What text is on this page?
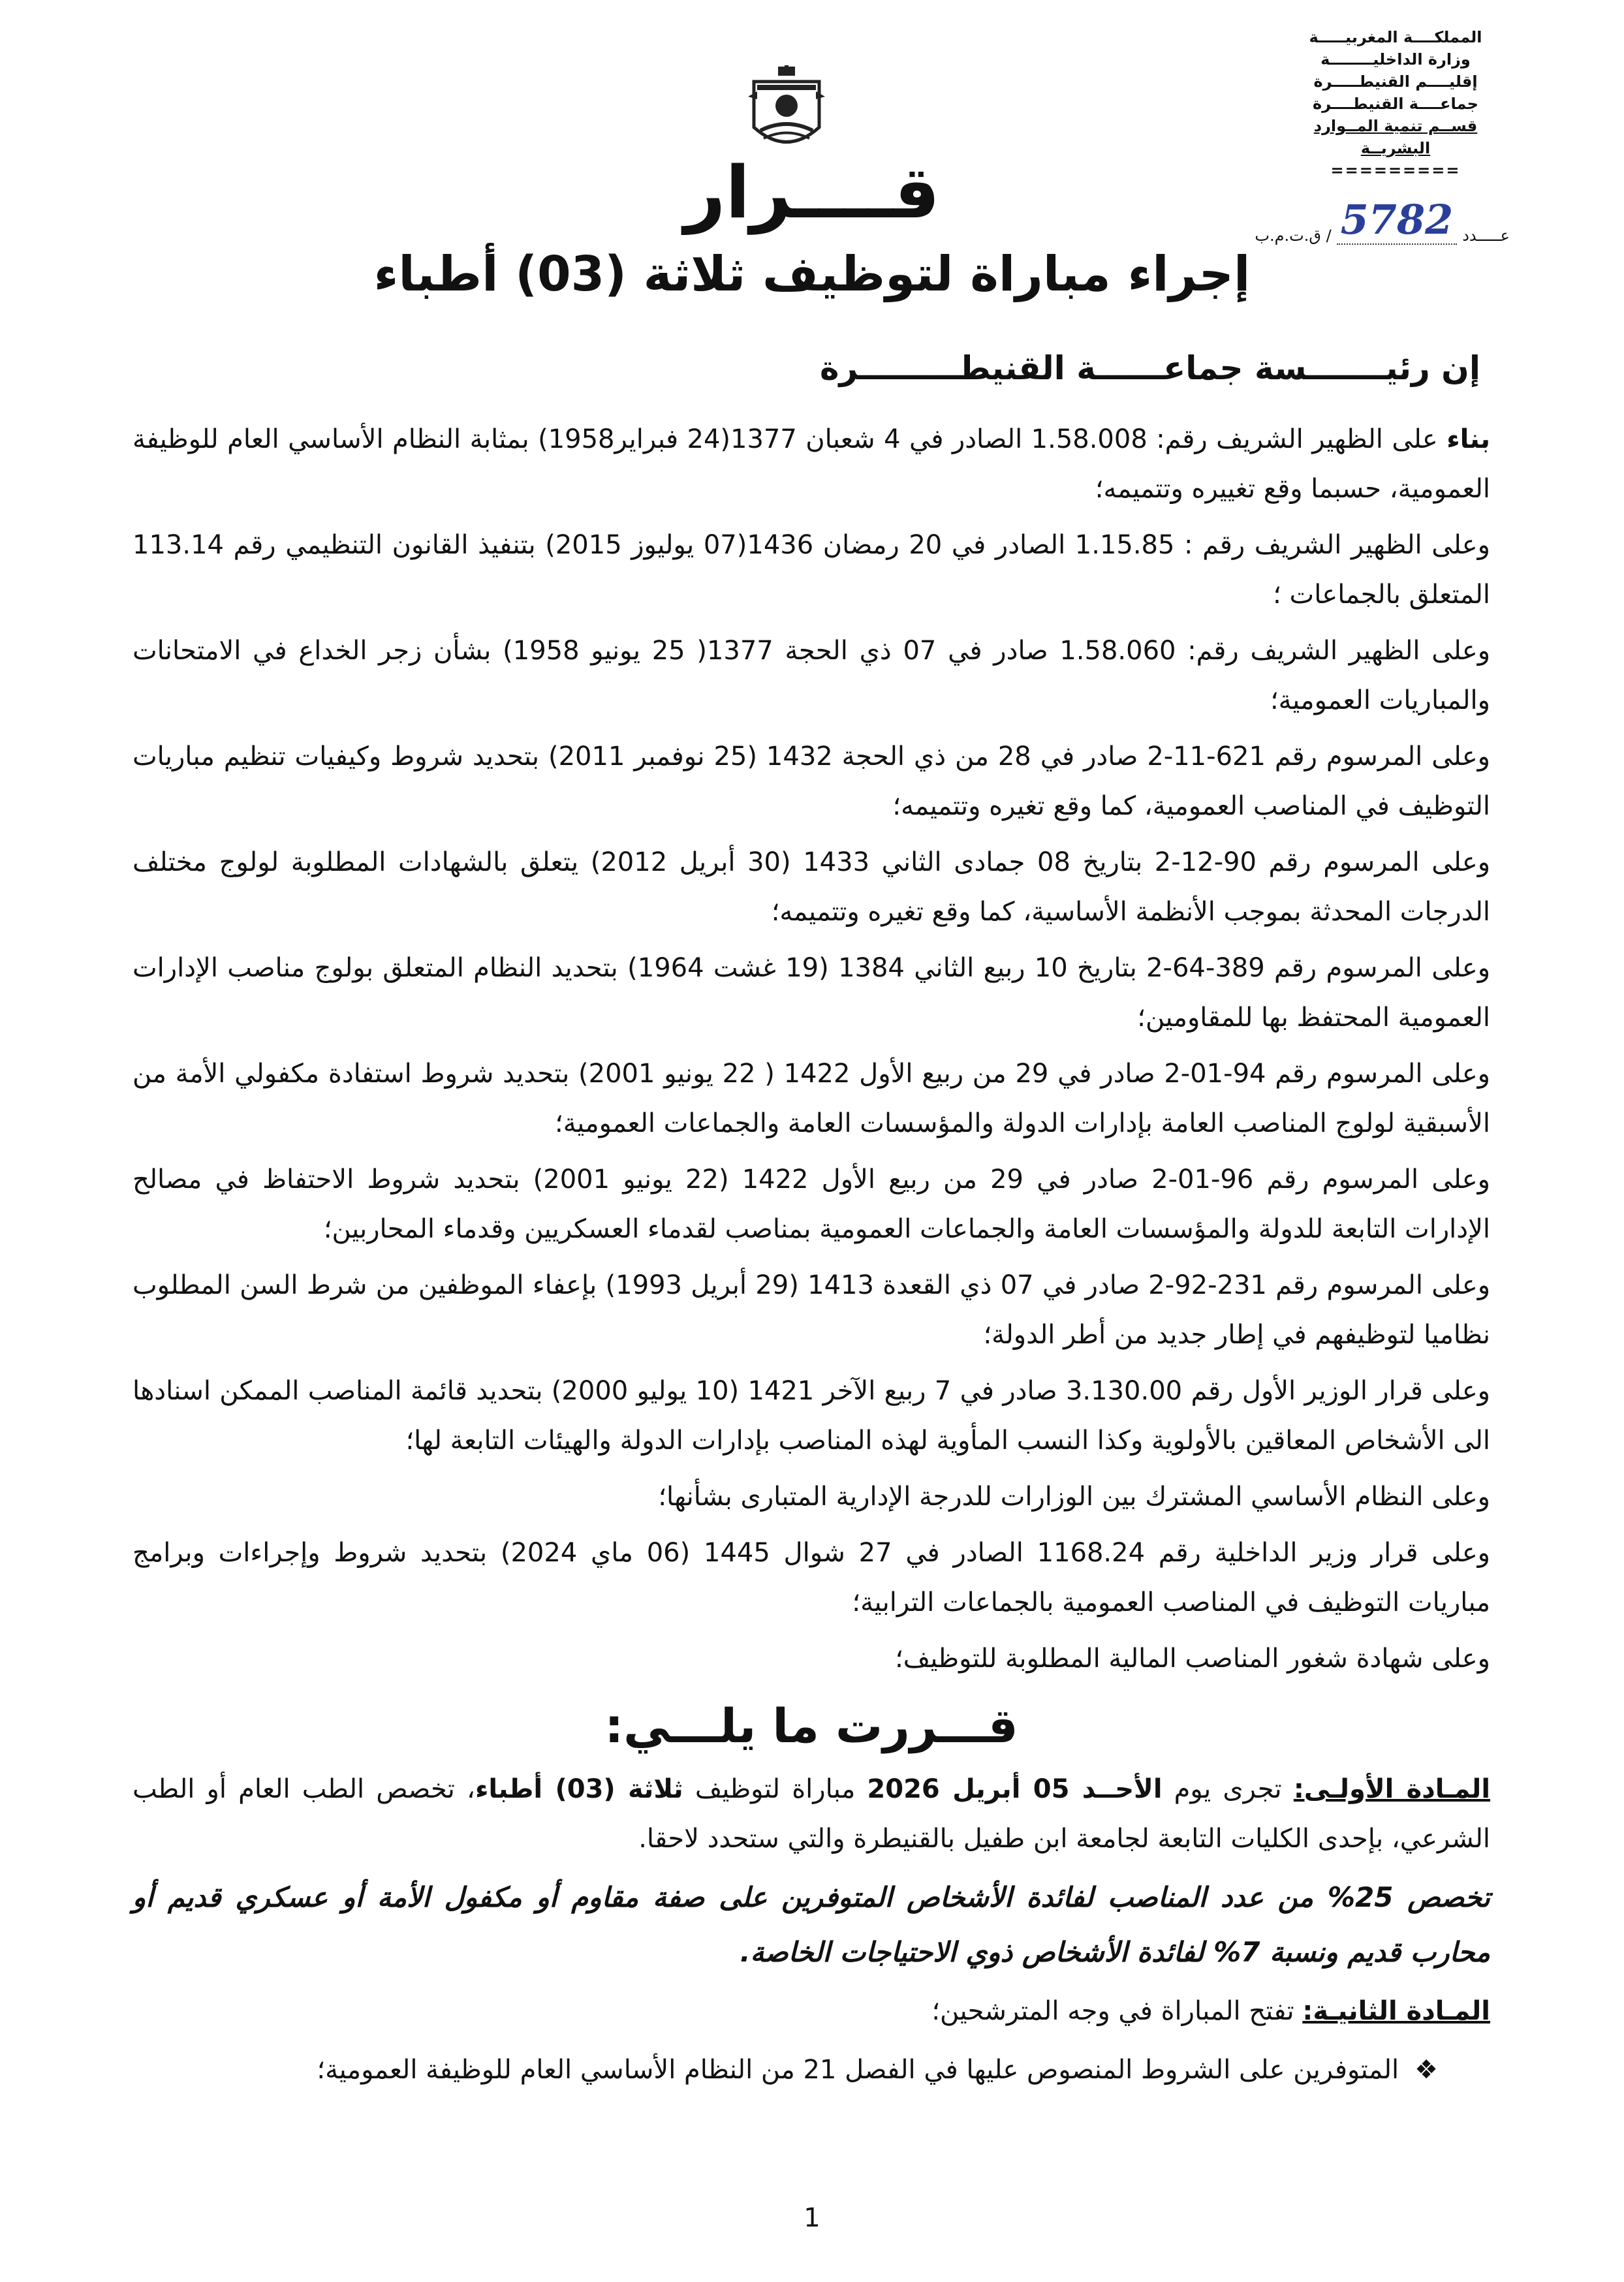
المملكــــة المغربيـــــة
وزارة الداخليــــــــة
إقليــــم القنيطـــــرة
جماعــــة القنيطــــرة
قســم تنمية المــوارد البشريــة
=========
عـــــدد
5782
/ ق.ت.م.ب
قــــرار
إجراء مباراة لتوظيف ثلاثة (03) أطباء
إن رئيـــــــسة جماعــــــة القنيطـــــــــرة

بناء على الظهير الشريف رقم: 1.58.008 الصادر في 4 شعبان 1377(24 فبراير1958) بمثابة النظام الأساسي العام للوظيفة العمومية، حسبما وقع تغييره وتتميمه؛

وعلى الظهير الشريف رقم : 1.15.85 الصادر في 20 رمضان 1436(07 يوليوز 2015) بتنفيذ القانون التنظيمي رقم 113.14 المتعلق بالجماعات ؛

وعلى الظهير الشريف رقم: 1.58.060 صادر في 07 ذي الحجة 1377( 25 يونيو 1958) بشأن زجر الخداع في الامتحانات والمباريات العمومية؛

وعلى المرسوم رقم 621-11-2 صادر في 28 من ذي الحجة 1432 (25 نوفمبر 2011) بتحديد شروط وكيفيات تنظيم مباريات التوظيف في المناصب العمومية، كما وقع تغيره وتتميمه؛

وعلى المرسوم رقم 90-12-2 بتاريخ 08 جمادى الثاني 1433 (30 أبريل 2012) يتعلق بالشهادات المطلوبة لولوج مختلف الدرجات المحدثة بموجب الأنظمة الأساسية، كما وقع تغيره وتتميمه؛

وعلى المرسوم رقم 389-64-2 بتاريخ 10 ربيع الثاني 1384 (19 غشت 1964) بتحديد النظام المتعلق بولوج مناصب الإدارات العمومية المحتفظ بها للمقاومين؛

وعلى المرسوم رقم 94-01-2 صادر في 29 من ربيع الأول 1422 ( 22 يونيو 2001) بتحديد شروط استفادة مكفولي الأمة من الأسبقية لولوج المناصب العامة بإدارات الدولة والمؤسسات العامة والجماعات العمومية؛

وعلى المرسوم رقم 96-01-2 صادر في 29 من ربيع الأول 1422 (22 يونيو 2001) بتحديد شروط الاحتفاظ في مصالح الإدارات التابعة للدولة والمؤسسات العامة والجماعات العمومية بمناصب لقدماء العسكريين وقدماء المحاربين؛

وعلى المرسوم رقم 231-92-2 صادر في 07 ذي القعدة 1413 (29 أبريل 1993) بإعفاء الموظفين من شرط السن المطلوب نظاميا لتوظيفهم في إطار جديد من أطر الدولة؛

وعلى قرار الوزير الأول رقم 3.130.00 صادر في 7 ربيع الآخر 1421 (10 يوليو 2000) بتحديد قائمة المناصب الممكن اسنادها الى الأشخاص المعاقين بالأولوية وكذا النسب المأوية لهذه المناصب بإدارات الدولة والهيئات التابعة لها؛

وعلى النظام الأساسي المشترك بين الوزارات للدرجة الإدارية المتبارى بشأنها؛

وعلى قرار وزير الداخلية رقم 1168.24 الصادر في 27 شوال 1445 (06 ماي 2024) بتحديد شروط وإجراءات وبرامج مباريات التوظيف في المناصب العمومية بالجماعات الترابية؛

وعلى شهادة شغور المناصب المالية المطلوبة للتوظيف؛

قـــررت ما يلـــي:

المـادة الأولـى: تجرى يوم الأحــد 05 أبريل 2026 مباراة لتوظيف ثلاثة (03) أطباء، تخصص الطب العام أو الطب الشرعي، بإحدى الكليات التابعة لجامعة ابن طفيل بالقنيطرة والتي ستحدد لاحقا.

تخصص 25% من عدد المناصب لفائدة الأشخاص المتوفرين على صفة مقاوم أو مكفول الأمة أو عسكري قديم أو محارب قديم ونسبة 7% لفائدة الأشخاص ذوي الاحتياجات الخاصة.

المـادة الثانيـة: تفتح المباراة في وجه المترشحين؛

❖
المتوفرين على الشروط المنصوص عليها في الفصل 21 من النظام الأساسي العام للوظيفة العمومية؛
1
